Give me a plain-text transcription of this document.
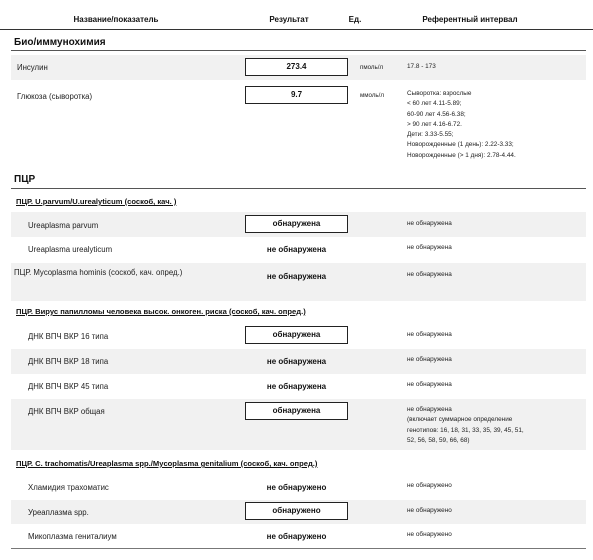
Название/показатель	Результат	Ед.	Референтный интервал
Био/иммунохимия
Инсулин	273.4	пмоль/л	17.8 - 173
Глюкоза (сыворотка)	9.7	ммоль/л	Сыворотка: взрослые
< 60 лет 4.11-5.89;
60-90 лет 4.56-6.38;
> 90 лет 4.16-6.72.
Дети: 3.33-5.55;
Новорожденные (1 день): 2.22-3.33;
Новорожденные (> 1 дня): 2.78-4.44.
ПЦР
ПЦР. U.parvum/U.urealyticum (соскоб, кач. )
Ureaplasma parvum	обнаружена	не обнаружена
Ureaplasma urealyticum	не обнаружена	не обнаружена
ПЦР. Mycoplasma hominis (соскоб, кач. опред.)	не обнаружена	не обнаружена
ПЦР. Вирус папилломы человека высок. онкоген. риска (соскоб, кач. опред.)
ДНК ВПЧ ВКР 16 типа	обнаружена	не обнаружена
ДНК ВПЧ ВКР 18 типа	не обнаружена	не обнаружена
ДНК ВПЧ ВКР 45 типа	не обнаружена	не обнаружена
ДНК ВПЧ ВКР общая	обнаружена	не обнаружена
(включает суммарное определение
генотипов: 16, 18, 31, 33, 35, 39, 45, 51,
52, 56, 58, 59, 66, 68)
ПЦР. C. trachomatis/Ureaplasma spp./Mycoplasma genitalium (соскоб, кач. опред.)
Хламидия трахоматис	не обнаружено	не обнаружено
Уреаплазма spp.	обнаружено	не обнаружено
Микоплазма гениталиум	не обнаружено	не обнаружено
